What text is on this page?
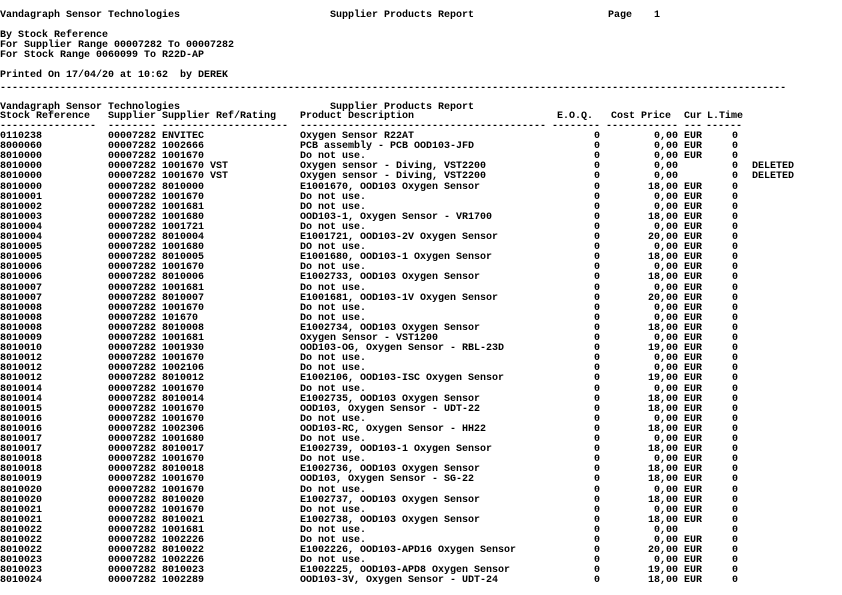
Vandagraph Sensor Technologies	Supplier Products Report	Page 1
By Stock Reference
For Supplier Range 00007282 To 00007282
For Stock Range 0060099 To R22D-AP
Printed On 17/04/20 at 10:62  by DEREK
-----------------------------------------------------------------------------------------------------------------------------------
Vandagraph Sensor Technologies	Supplier Products Report
Stock Reference Supplier Supplier Ref/Rating Product Description	E.O.Q. Cost Price Cur L.Time
---------------- -------- --------------------- ----------------------------------------- -------- ------------ --- ------
0110238	00007282 ENVITEC	Oxygen Sensor R22AT	0	0,00 EUR	0
8000060	00007282 1002666	PCB assembly - PCB OOD103-JFD	0	0,00 EUR	0
8010000	00007282 1001670	Do not use.	0	0,00 EUR	0
8010000	00007282 1001670 VST	Oxygen sensor - Diving, VST2200	0	0,00	0 DELETED
8010000	00007282 1001670 VST	Oxygen sensor - Diving, VST2200	0	0,00	0 DELETED
8010000	00007282 8010000	E1001670, OOD103 Oxygen Sensor	0	18,00 EUR	0
8010001	00007282 1001670	Do not use.	0	0,00 EUR	0
8010002	00007282 1001681	DO not use.	0	0,00 EUR	0
8010003	00007282 1001680	OOD103-1, Oxygen Sensor - VR1700	0	18,00 EUR	0
8010004	00007282 1001721	Do not use.	0	0,00 EUR	0
8010004	00007282 8010004	E1001721, OOD103-2V Oxygen Sensor	0	20,00 EUR	0
8010005	00007282 1001680	DO not use.	0	0,00 EUR	0
8010005	00007282 8010005	E1001680, OOD103-1 Oxygen Sensor	0	18,00 EUR	0
8010006	00007282 1001670	Do not use.	0	0,00 EUR	0
8010006	00007282 8010006	E1002733, OOD103 Oxygen Sensor	0	18,00 EUR	0
8010007	00007282 1001681	Do not use.	0	0,00 EUR	0
8010007	00007282 8010007	E1001681, OOD103-1V Oxygen Sensor	0	20,00 EUR	0
8010008	00007282 1001670	Do not use.	0	0,00 EUR	0
8010008	00007282 101670	Do not use.	0	0,00 EUR	0
8010008	00007282 8010008	E1002734, OOD103 Oxygen Sensor	0	18,00 EUR	0
8010009	00007282 1001681	Oxygen Sensor - VST1200	0	0,00 EUR	0
8010010	00007282 1001930	OOD103-OG, Oxygen Sensor - RBL-23D	0	19,00 EUR	0
8010012	00007282 1001670	Do not use.	0	0,00 EUR	0
8010012	00007282 1002106	Do not use.	0	0,00 EUR	0
8010012	00007282 8010012	E1002106, OOD103-ISC Oxygen Sensor	0	19,00 EUR	0
8010014	00007282 1001670	Do not use.	0	0,00 EUR	0
8010014	00007282 8010014	E1002735, OOD103 Oxygen Sensor	0	18,00 EUR	0
8010015	00007282 1001670	OOD103, Oxygen Sensor - UDT-22	0	18,00 EUR	0
8010016	00007282 1001670	Do not use.	0	0,00 EUR	0
8010016	00007282 1002306	OOD103-RC, Oxygen Sensor - HH22	0	18,00 EUR	0
8010017	00007282 1001680	Do not use.	0	0,00 EUR	0
8010017	00007282 8010017	E1002739, OOD103-1 Oxygen Sensor	0	18,00 EUR	0
8010018	00007282 1001670	Do not use.	0	0,00 EUR	0
8010018	00007282 8010018	E1002736, OOD103 Oxygen Sensor	0	18,00 EUR	0
8010019	00007282 1001670	OOD103, Oxygen Sensor - SG-22	0	18,00 EUR	0
8010020	00007282 1001670	Do not use.	0	0,00 EUR	0
8010020	00007282 8010020	E1002737, OOD103 Oxygen Sensor	0	18,00 EUR	0
8010021	00007282 1001670	Do not use.	0	0,00 EUR	0
8010021	00007282 8010021	E1002738, OOD103 Oxygen Sensor	0	18,00 EUR	0
8010022	00007282 1001681	Do not use.	0	0,00	0
8010022	00007282 1002226	Do not use.	0	0,00 EUR	0
8010022	00007282 8010022	E1002226, OOD103-APD16 Oxygen Sensor	0	20,00 EUR	0
8010023	00007282 1002226	Do not use.	0	0,00 EUR	0
8010023	00007282 8010023	E1002225, OOD103-APD8 Oxygen Sensor	0	19,00 EUR	0
8010024	00007282 1002289	OOD103-3V, Oxygen Sensor - UDT-24	0	18,00 EUR	0
